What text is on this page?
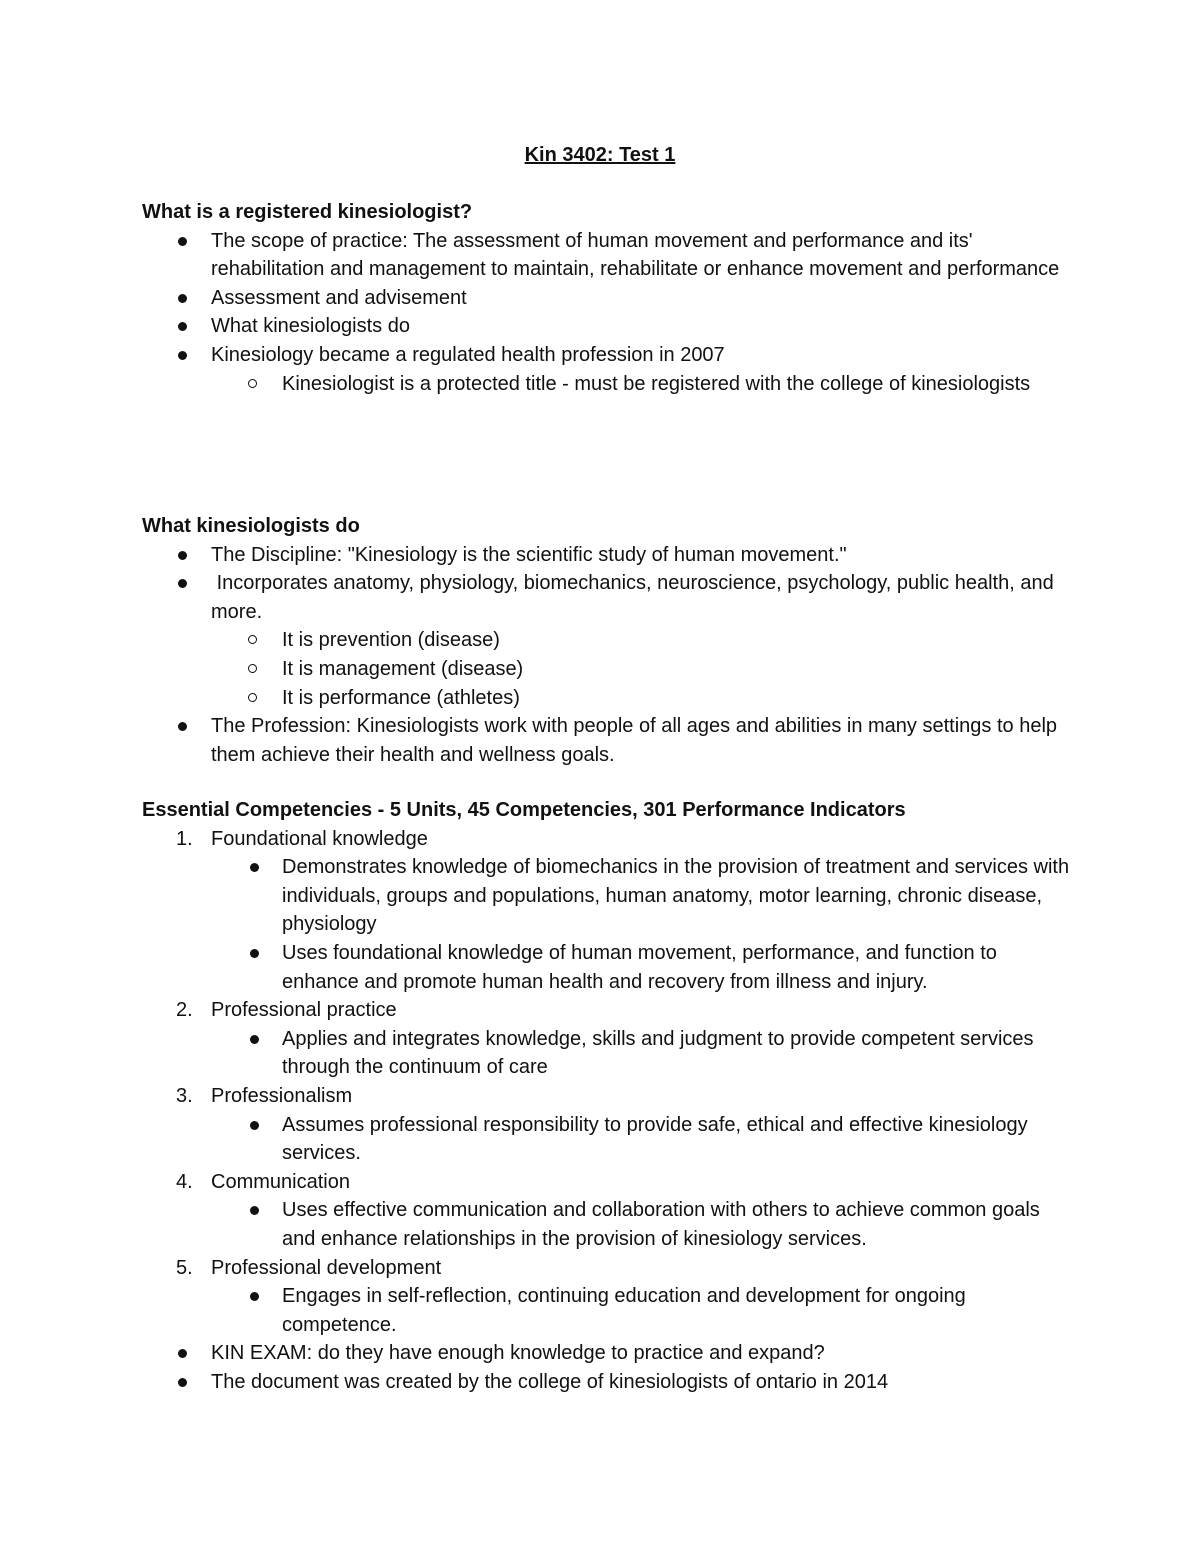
Kin 3402: Test 1
What is a registered kinesiologist?
The scope of practice: The assessment of human movement and performance and its' rehabilitation and management to maintain, rehabilitate or enhance movement and performance
Assessment and advisement
What kinesiologists do
Kinesiology became a regulated health profession in 2007
Kinesiologist is a protected title - must be registered with the college of kinesiologists
What kinesiologists do
The Discipline: "Kinesiology is the scientific study of human movement."
Incorporates anatomy, physiology, biomechanics, neuroscience, psychology, public health, and more.
It is prevention (disease)
It is management (disease)
It is performance (athletes)
The Profession: Kinesiologists work with people of all ages and abilities in many settings to help them achieve their health and wellness goals.
Essential Competencies - 5 Units, 45 Competencies, 301 Performance Indicators
1. Foundational knowledge
Demonstrates knowledge of biomechanics in the provision of treatment and services with individuals, groups and populations, human anatomy, motor learning, chronic disease, physiology
Uses foundational knowledge of human movement, performance, and function to enhance and promote human health and recovery from illness and injury.
2. Professional practice
Applies and integrates knowledge, skills and judgment to provide competent services through the continuum of care
3. Professionalism
Assumes professional responsibility to provide safe, ethical and effective kinesiology services.
4. Communication
Uses effective communication and collaboration with others to achieve common goals and enhance relationships in the provision of kinesiology services.
5. Professional development
Engages in self-reflection, continuing education and development for ongoing competence.
KIN EXAM: do they have enough knowledge to practice and expand?
The document was created by the college of kinesiologists of ontario in 2014
